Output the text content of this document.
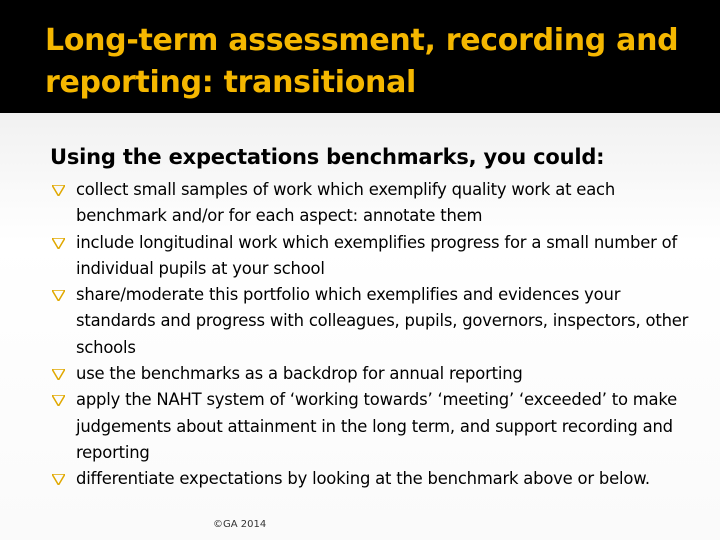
Long-term assessment, recording and reporting: transitional
Using the expectations benchmarks, you could:
collect small samples of work which exemplify quality work at each benchmark and/or for each aspect: annotate them
include longitudinal work which exemplifies progress for a small number of individual pupils at your school
share/moderate this portfolio which exemplifies and evidences your standards and progress with colleagues, pupils, governors, inspectors, other schools
use the benchmarks as a backdrop for annual reporting
apply the NAHT system of ‘working towards’ ‘meeting’ ‘exceeded’ to make judgements about attainment in the long term, and support recording and reporting
differentiate expectations by looking at the benchmark above or below.
©GA 2014
